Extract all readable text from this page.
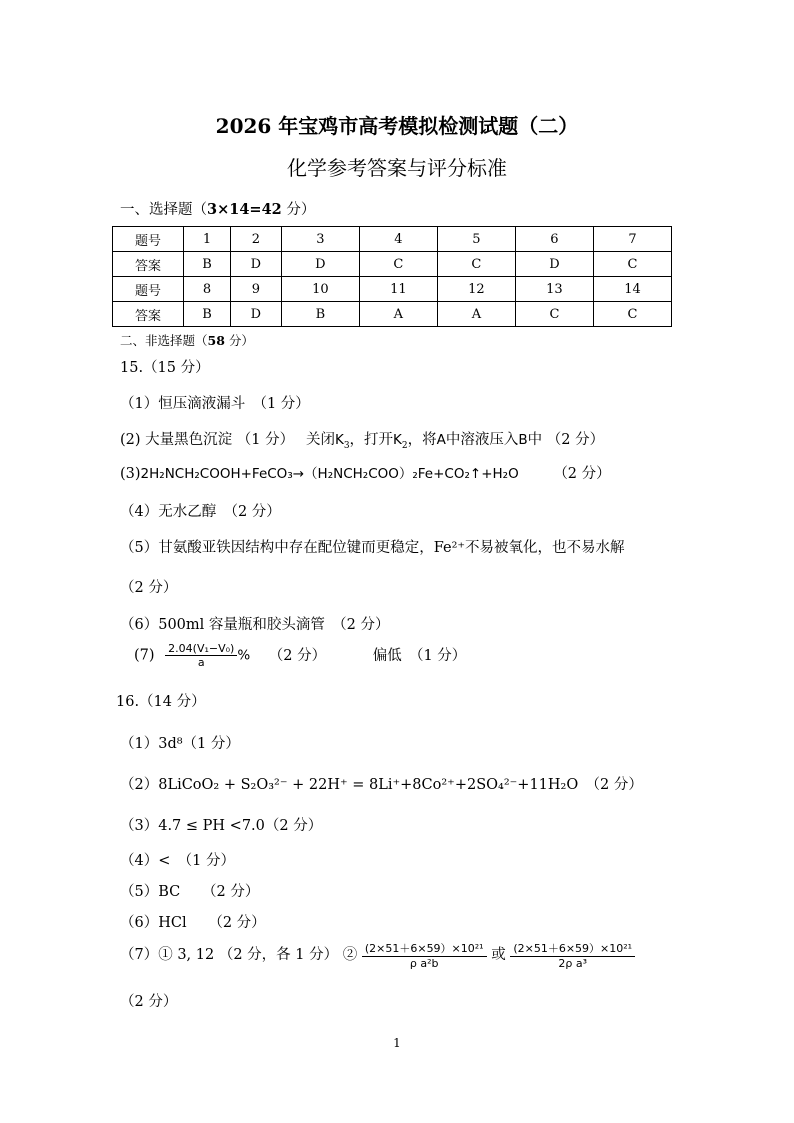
2026 年宝鸡市高考模拟检测试题（二）
化学参考答案与评分标准
一、选择题（3×14=42 分）
题号	1	2	3	4	5	6	7
答案	B	D	D	C	C	D	C
题号	8	9	10	11	12	13	14
答案	B	D	B	A	A	C	C
二、非选择题（58 分）
15.（15 分）
（1）恒压滴液漏斗　（1 分）
(2) 大量黑色沉淀 （1 分）　 关闭$K_3$，打开$K_2$，将A中溶液压入B中 （2 分）
(3)2H₂NCH₂COOH+FeCO₃→（H₂NCH₂COO）₂Fe+CO₂↑+H₂O （2 分）
（4）无水乙醇　（2 分）
（5）甘氨酸亚铁因结构中存在配位键而更稳定，Fe²⁺不易被氧化，也不易水解
（2 分）
（6）500ml 容量瓶和胶头滴管　（2 分）
$(7) \frac{\text{2.04(V₁−V₀)}}{a}$ % （2 分）	偏低　（1 分）
16.（14 分）
（1）3d⁸（1 分）
（2）8LiCoO₂ + S₂O₃²⁻ + 22H⁺ = 8Li⁺+8Co²⁺+2SO₄²⁻+11H₂O　（2 分）
（3）4.7 ≤ PH <7.0（2 分）
（4）<　（1 分）
（5）BC　　（2 分）
（6）HCl　　（2 分）
（7）① 3, 12 （2 分，各 1 分） ② $\frac{\text{(2×51＋6×59）×10²¹}}{\text{ρ a²b}}$ 或 $\frac{\text{(2×51＋6×59）×10²¹}}{\text{2ρ a³}}$
（2 分）
1
